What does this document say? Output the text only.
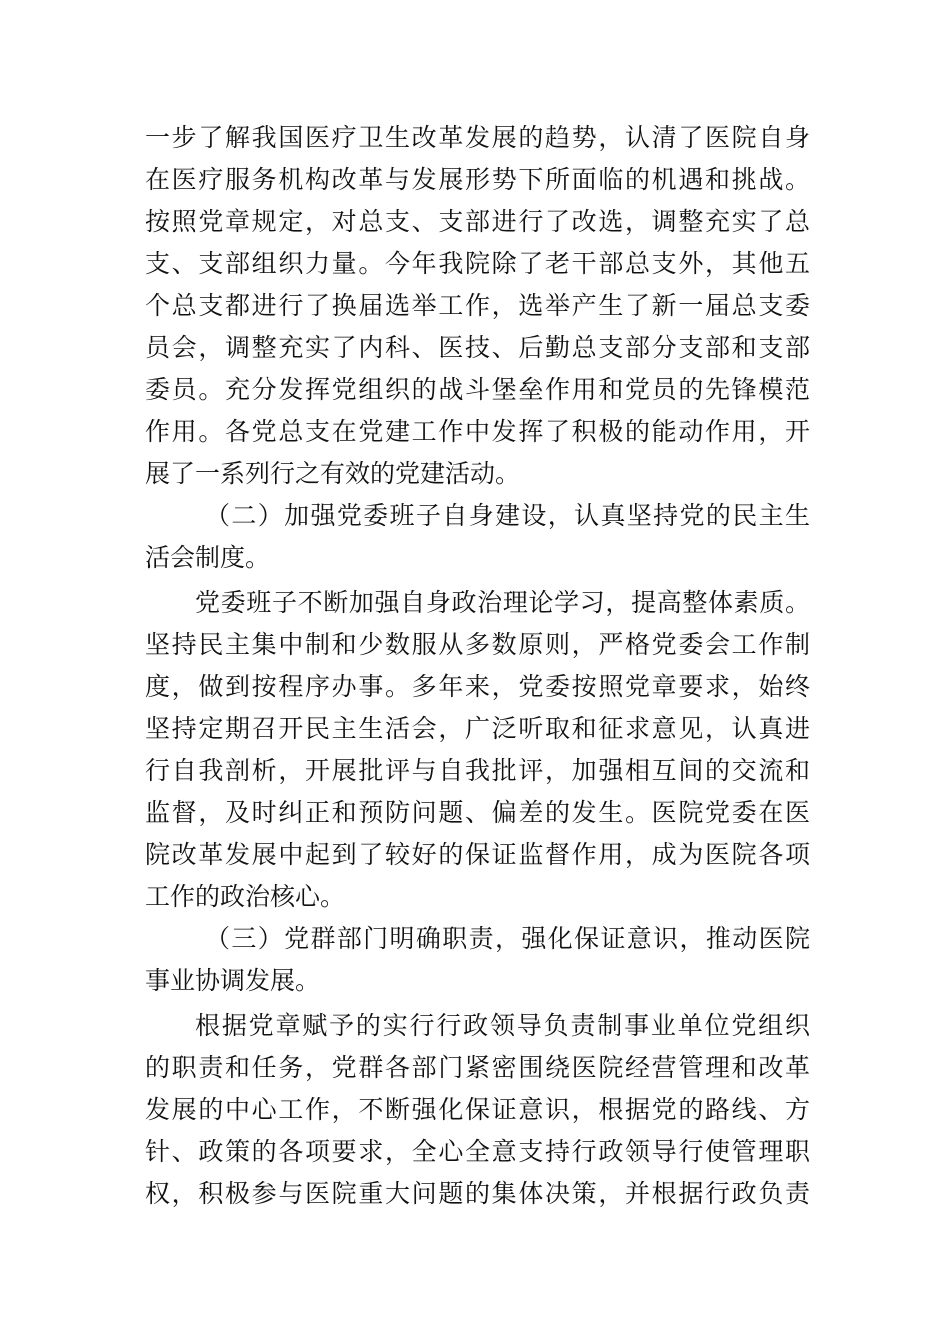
一步了解我国医疗卫生改革发展的趋势，认清了医院自身
在医疗服务机构改革与发展形势下所面临的机遇和挑战。
按照党章规定，对总支、支部进行了改选，调整充实了总
支、支部组织力量。今年我院除了老干部总支外，其他五
个总支都进行了换届选举工作，选举产生了新一届总支委
员会，调整充实了内科、医技、后勤总支部分支部和支部
委员。充分发挥党组织的战斗堡垒作用和党员的先锋模范
作用。各党总支在党建工作中发挥了积极的能动作用，开
展了一系列行之有效的党建活动。
（二）加强党委班子自身建设，认真坚持党的民主生
活会制度。
党委班子不断加强自身政治理论学习，提高整体素质。
坚持民主集中制和少数服从多数原则，严格党委会工作制
度，做到按程序办事。多年来，党委按照党章要求，始终
坚持定期召开民主生活会，广泛听取和征求意见，认真进
行自我剖析，开展批评与自我批评，加强相互间的交流和
监督，及时纠正和预防问题、偏差的发生。医院党委在医
院改革发展中起到了较好的保证监督作用，成为医院各项
工作的政治核心。
（三）党群部门明确职责，强化保证意识，推动医院
事业协调发展。
根据党章赋予的实行行政领导负责制事业单位党组织
的职责和任务，党群各部门紧密围绕医院经营管理和改革
发展的中心工作，不断强化保证意识，根据党的路线、方
针、政策的各项要求，全心全意支持行政领导行使管理职
权，积极参与医院重大问题的集体决策，并根据行政负责
